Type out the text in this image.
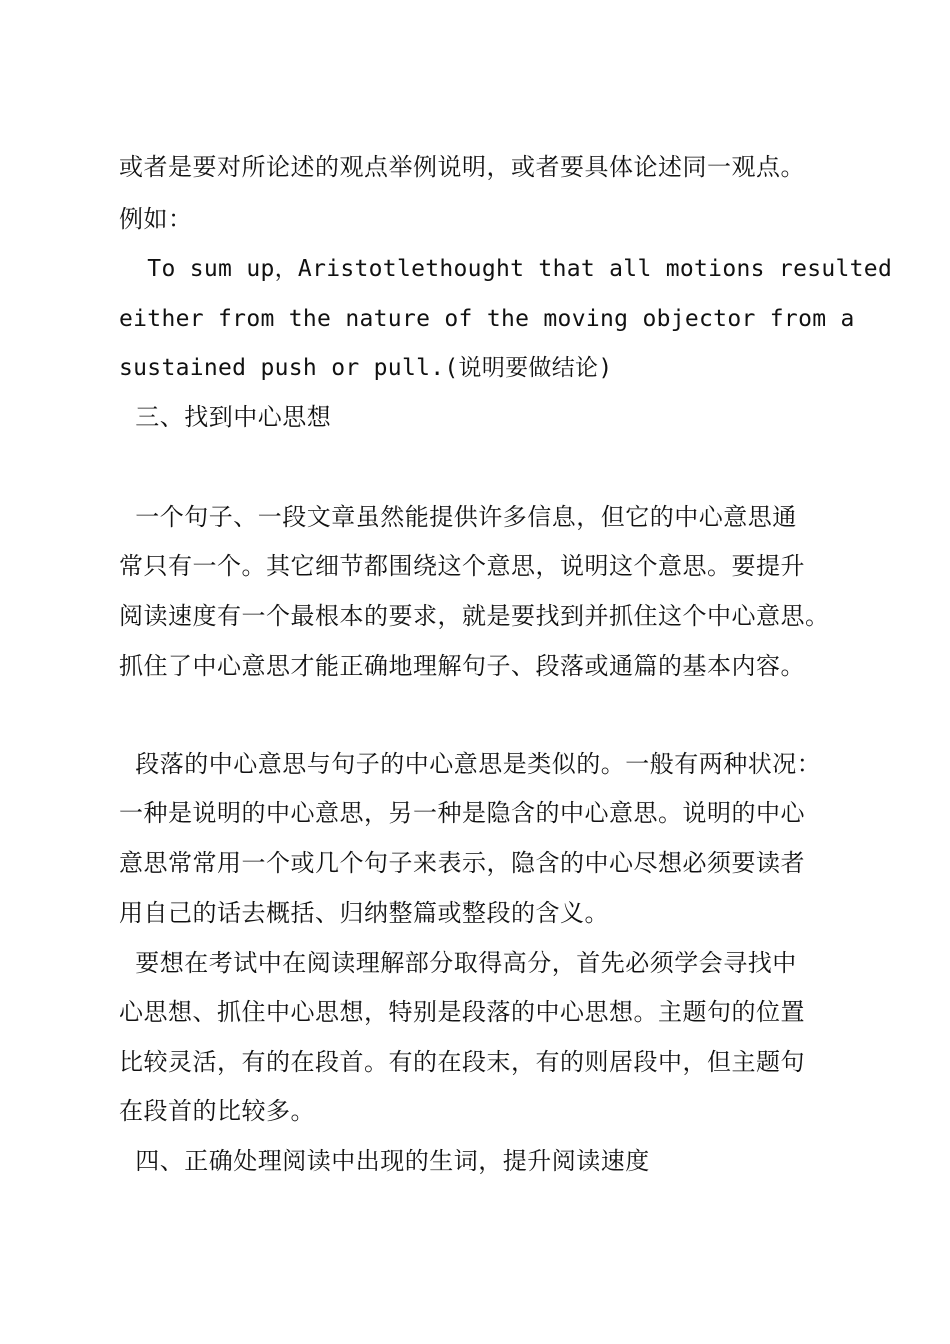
或者是要对所论述的观点举例说明，或者要具体论述同一观点。
例如：
To sum up，Aristotlethought that all motions resulted
either from the nature of the moving objector from a
sustained push or pull.(说明要做结论)
三、找到中心思想
一个句子、一段文章虽然能提供许多信息，但它的中心意思通
常只有一个。其它细节都围绕这个意思，说明这个意思。要提升
阅读速度有一个最根本的要求，就是要找到并抓住这个中心意思。
抓住了中心意思才能正确地理解句子、段落或通篇的基本内容。
段落的中心意思与句子的中心意思是类似的。一般有两种状况：
一种是说明的中心意思，另一种是隐含的中心意思。说明的中心
意思常常用一个或几个句子来表示，隐含的中心尽想必须要读者
用自己的话去概括、归纳整篇或整段的含义。
要想在考试中在阅读理解部分取得高分，首先必须学会寻找中
心思想、抓住中心思想，特别是段落的中心思想。主题句的位置
比较灵活，有的在段首。有的在段末，有的则居段中，但主题句
在段首的比较多。
四、正确处理阅读中出现的生词，提升阅读速度
